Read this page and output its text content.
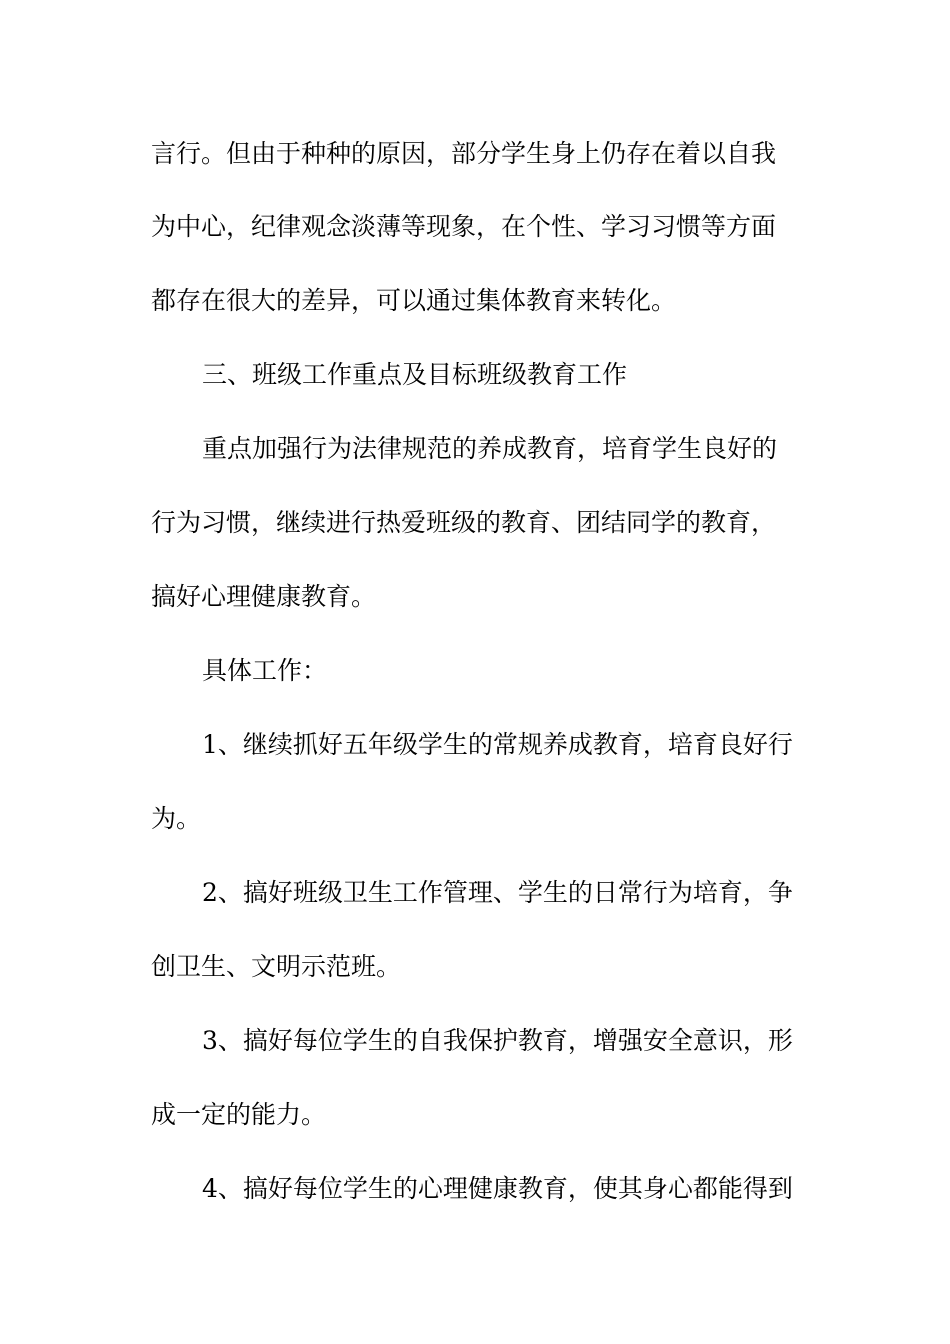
言行。但由于种种的原因，部分学生身上仍存在着以自我
为中心，纪律观念淡薄等现象，在个性、学习习惯等方面
都存在很大的差异，可以通过集体教育来转化。
三、班级工作重点及目标班级教育工作
重点加强行为法律规范的养成教育，培育学生良好的
行为习惯，继续进行热爱班级的教育、团结同学的教育，
搞好心理健康教育。
具体工作：
1、继续抓好五年级学生的常规养成教育，培育良好行
为。
2、搞好班级卫生工作管理、学生的日常行为培育，争
创卫生、文明示范班。
3、搞好每位学生的自我保护教育，增强安全意识，形
成一定的能力。
4、搞好每位学生的心理健康教育，使其身心都能得到
